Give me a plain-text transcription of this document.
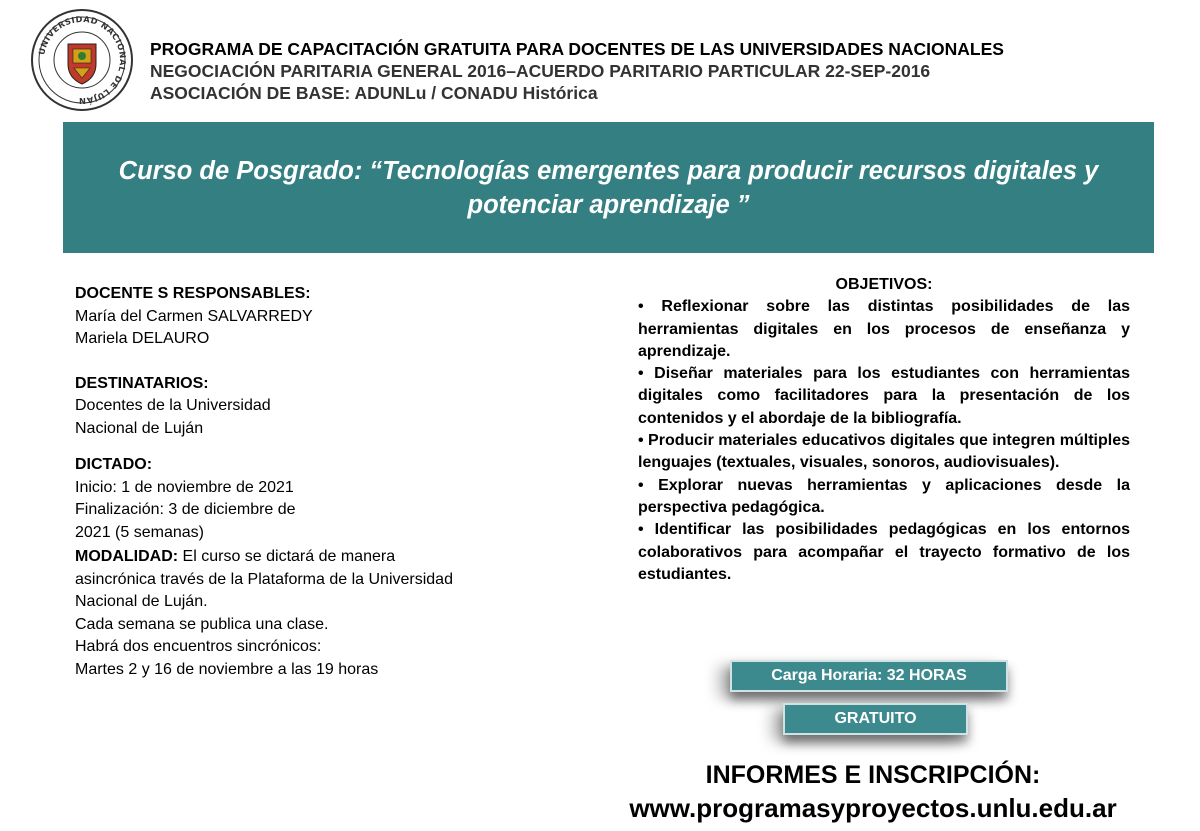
UNIVERSIDAD NACIONAL DE LUJÁN
PROGRAMA DE CAPACITACIÓN GRATUITA PARA DOCENTES DE LAS UNIVERSIDADES NACIONALES
NEGOCIACIÓN PARITARIA GENERAL 2016–ACUERDO PARITARIO PARTICULAR 22-SEP-2016
ASOCIACIÓN DE BASE: ADUNLu / CONADU Histórica
Curso de Posgrado: “Tecnologías emergentes para producir recursos digitales y potenciar aprendizaje ”
DOCENTE S RESPONSABLES:
María del Carmen SALVARREDY
Mariela DELAURO
DESTINATARIOS:
Docentes de la Universidad
Nacional de Luján
DICTADO:
Inicio: 1 de noviembre de 2021
Finalización: 3 de diciembre de
2021 (5 semanas)
MODALIDAD: El curso se dictará de manera asincrónica través de la Plataforma de la Universidad Nacional de Luján.
Cada semana se publica una clase.
Habrá dos encuentros sincrónicos:
Martes 2 y 16 de noviembre a las 19 horas
OBJETIVOS:
• Reflexionar sobre las distintas posibilidades de las herramientas digitales en los procesos de enseñanza y aprendizaje.
• Diseñar materiales para los estudiantes con herramientas digitales como facilitadores para la presentación de los contenidos y el abordaje de la bibliografía.
• Producir materiales educativos digitales que integren múltiples lenguajes (textuales, visuales, sonoros, audiovisuales).
• Explorar nuevas herramientas y aplicaciones desde la perspectiva pedagógica.
• Identificar las posibilidades pedagógicas en los entornos colaborativos para acompañar el trayecto formativo de los estudiantes.
Carga Horaria: 32 HORAS
GRATUITO
INFORMES E INSCRIPCIÓN:
www.programasyproyectos.unlu.edu.ar
